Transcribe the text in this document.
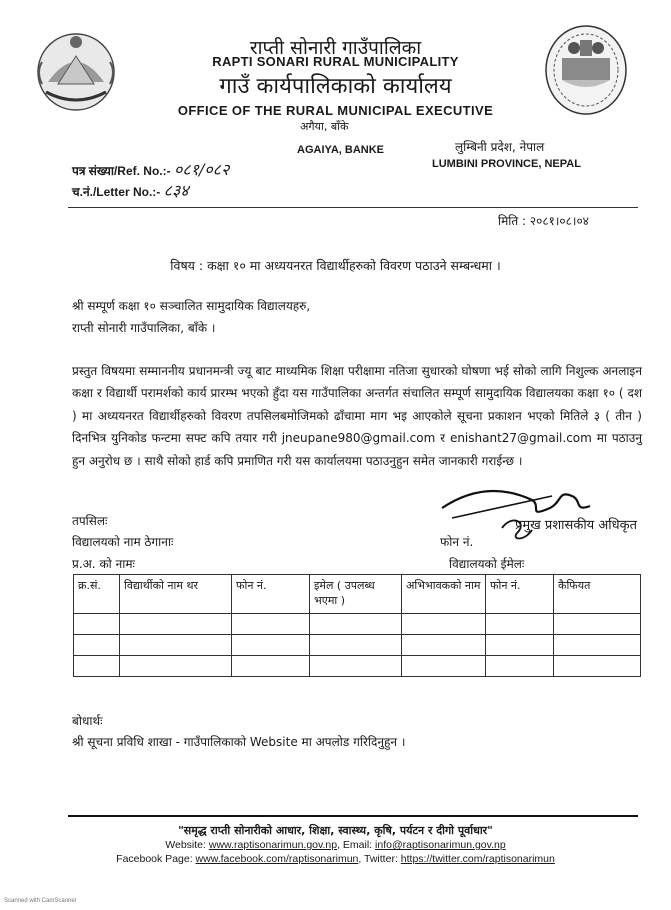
राप्ती सोनारी गाउँपालिका
RAPTI SONARI RURAL MUNICIPALITY
गाउँ कार्यपालिकाको कार्यालय
OFFICE OF THE RURAL MUNICIPAL EXECUTIVE
अगैया, बाँके
AGAIYA, BANKE	लुम्बिनी प्रदेश, नेपाल
LUMBINI PROVINCE, NEPAL
पत्र संख्या/Ref. No.:- ०८१/०८२
च.नं./Letter No.:- ८३४
मिति : २०८१।०८।०४
विषय : कक्षा १० मा अध्ययनरत विद्यार्थीहरुको विवरण पठाउने सम्बन्धमा ।
श्री सम्पूर्ण कक्षा १० सञ्चालित सामुदायिक विद्यालयहरु,
राप्ती सोनारी गाउँपालिका, बाँके ।
प्रस्तुत विषयमा सम्माननीय प्रधानमन्त्री ज्यू बाट माध्यमिक शिक्षा परीक्षामा नतिजा सुधारको घोषणा भई सोको लागि निशुल्क अनलाइन कक्षा र विद्यार्थी परामर्शको कार्य प्रारम्भ भएको हुँदा यस गाउँपालिका अन्तर्गत संचालित सम्पूर्ण सामुदायिक विद्यालयका कक्षा १० ( दश ) मा अध्ययनरत विद्यार्थीहरुको विवरण तपसिलबमोजिमको ढाँचामा माग भइ आएकोले सूचना प्रकाशन भएको मितिले ३ ( तीन ) दिनभित्र युनिकोड फन्टमा सफ्ट कपि तयार गरी jneupane980@gmail.com र enishant27@gmail.com मा पठाउनु हुन अनुरोध छ । साथै सोको हार्ड कपि प्रमाणित गरी यस कार्यालयमा पठाउनुहुन समेत जानकारी गराईन्छ ।
प्रमुख प्रशासकीय अधिकृत
तपसिलः
विद्यालयको नाम ठेगानाः	फोन नं.
प्र.अ. को नामः	विद्यालयको ईमेलः
क्र.सं.	विद्यार्थीको नाम थर	फोन नं.	इमेल ( उपलब्ध भएमा )	अभिभावकको नाम	फोन नं.	कैफियत

बोधार्थः
श्री सूचना प्रविधि शाखा - गाउँपालिकाको Website मा अपलोड गरिदिनुहुन ।
"समृद्ध राप्ती सोनारीको आधार, शिक्षा, स्वास्थ्य, कृषि, पर्यटन र दीगो पूर्वाधार"
Website: www.raptisonarimun.gov.np, Email: info@raptisonarimun.gov.np
Facebook Page: www.facebook.com/raptisonarimun, Twitter: https://twitter.com/raptisonarimun
Scanned with CamScanner
